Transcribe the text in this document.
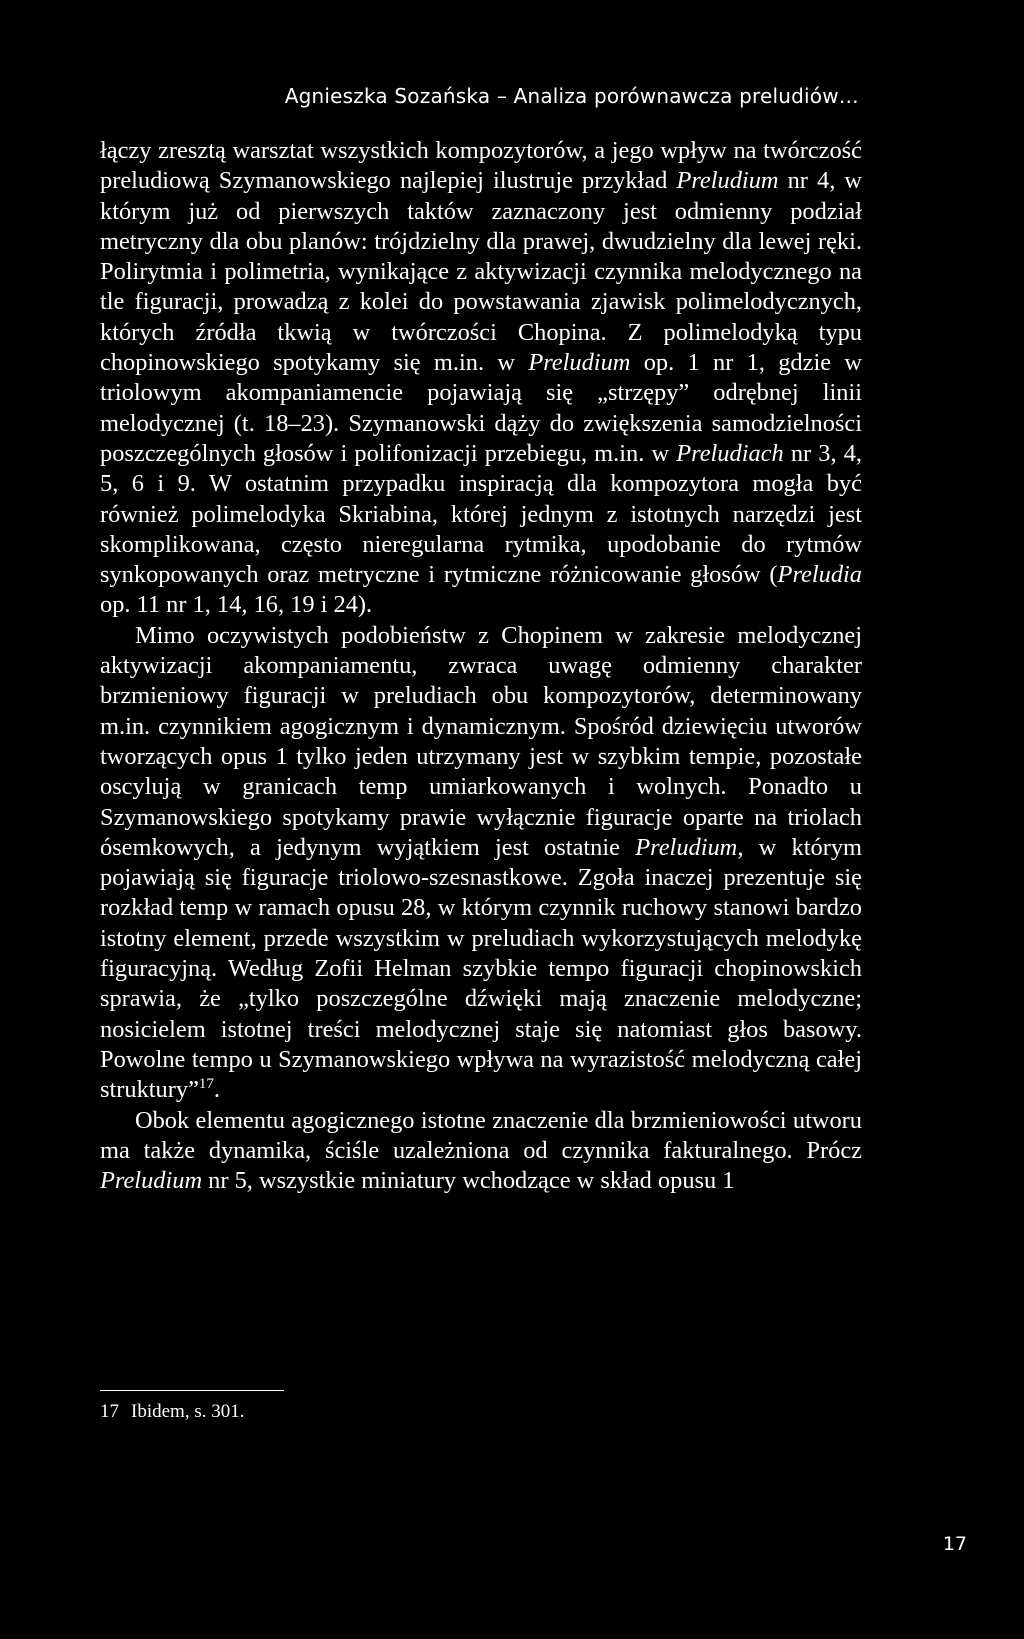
Agnieszka Sozańska – Analiza porównawcza preludiów…

łączy zresztą warsztat wszystkich kompozytorów, a jego wpływ na twórczość preludiową Szymanowskiego najlepiej ilustruje przykład Preludium nr 4, w którym już od pierwszych taktów zaznaczony jest odmienny podział metryczny dla obu planów: trójdzielny dla prawej, dwudzielny dla lewej ręki. Polirytmia i polimetria, wynikające z aktywizacji czynnika melodycznego na tle figuracji, prowadzą z kolei do powstawania zjawisk polimelodycznych, których źródła tkwią w twórczości Chopina. Z polimelodyką typu chopinowskiego spotykamy się m.in. w Preludium op. 1 nr 1, gdzie w triolowym akompaniamencie pojawiają się „strzępy” odrębnej linii melodycznej (t. 18–23). Szymanowski dąży do zwiększenia samodzielności poszczególnych głosów i polifonizacji przebiegu, m.in. w Preludiach nr 3, 4, 5, 6 i 9. W ostatnim przypadku inspiracją dla kompozytora mogła być również polimelodyka Skriabina, której jednym z istotnych narzędzi jest skomplikowana, często nieregularna rytmika, upodobanie do rytmów synkopowanych oraz metryczne i rytmiczne różnicowanie głosów (Preludia op. 11 nr 1, 14, 16, 19 i 24).

Mimo oczywistych podobieństw z Chopinem w zakresie melodycznej aktywizacji akompaniamentu, zwraca uwagę odmienny charakter brzmieniowy figuracji w preludiach obu kompozytorów, determinowany m.in. czynnikiem agogicznym i dynamicznym. Spośród dziewięciu utworów tworzących opus 1 tylko jeden utrzymany jest w szybkim tempie, pozostałe oscylują w granicach temp umiarkowanych i wolnych. Ponadto u Szymanowskiego spotykamy prawie wyłącznie figuracje oparte na triolach ósemkowych, a jedynym wyjątkiem jest ostatnie Preludium, w którym pojawiają się figuracje triolowo-szesnastkowe. Zgoła inaczej prezentuje się rozkład temp w ramach opusu 28, w którym czynnik ruchowy stanowi bardzo istotny element, przede wszystkim w preludiach wykorzystujących melodykę figuracyjną. Według Zofii Helman szybkie tempo figuracji chopinowskich sprawia, że „tylko poszczególne dźwięki mają znaczenie melodyczne; nosicielem istotnej treści melodycznej staje się natomiast głos basowy. Powolne tempo u Szymanowskiego wpływa na wyrazistość melodyczną całej struktury”$^{17}$.

Obok elementu agogicznego istotne znaczenie dla brzmieniowości utworu ma także dynamika, ściśle uzależniona od czynnika fakturalnego. Prócz Preludium nr 5, wszystkie miniatury wchodzące w skład opusu 1

17 Ibidem, s. 301.
17
